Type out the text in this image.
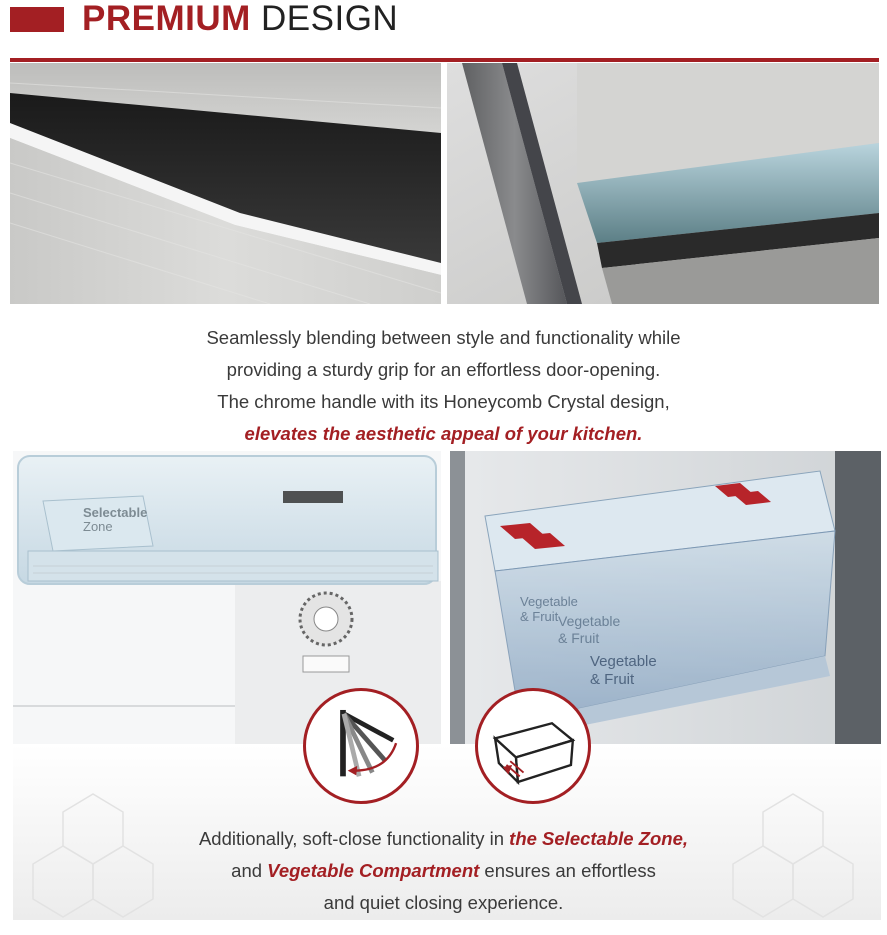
PREMIUM DESIGN
Seamlessly blending between style and functionality while
providing a sturdy grip for an effortless door-opening.
The chrome handle with its Honeycomb Crystal design,
elevates the aesthetic appeal of your kitchen.
Selectable
Zone
Vegetable
& Fruit Vegetable
& Fruit
Vegetable
& Fruit
Additionally, soft-close functionality in the Selectable Zone,
and Vegetable Compartment ensures an effortless
and quiet closing experience.
